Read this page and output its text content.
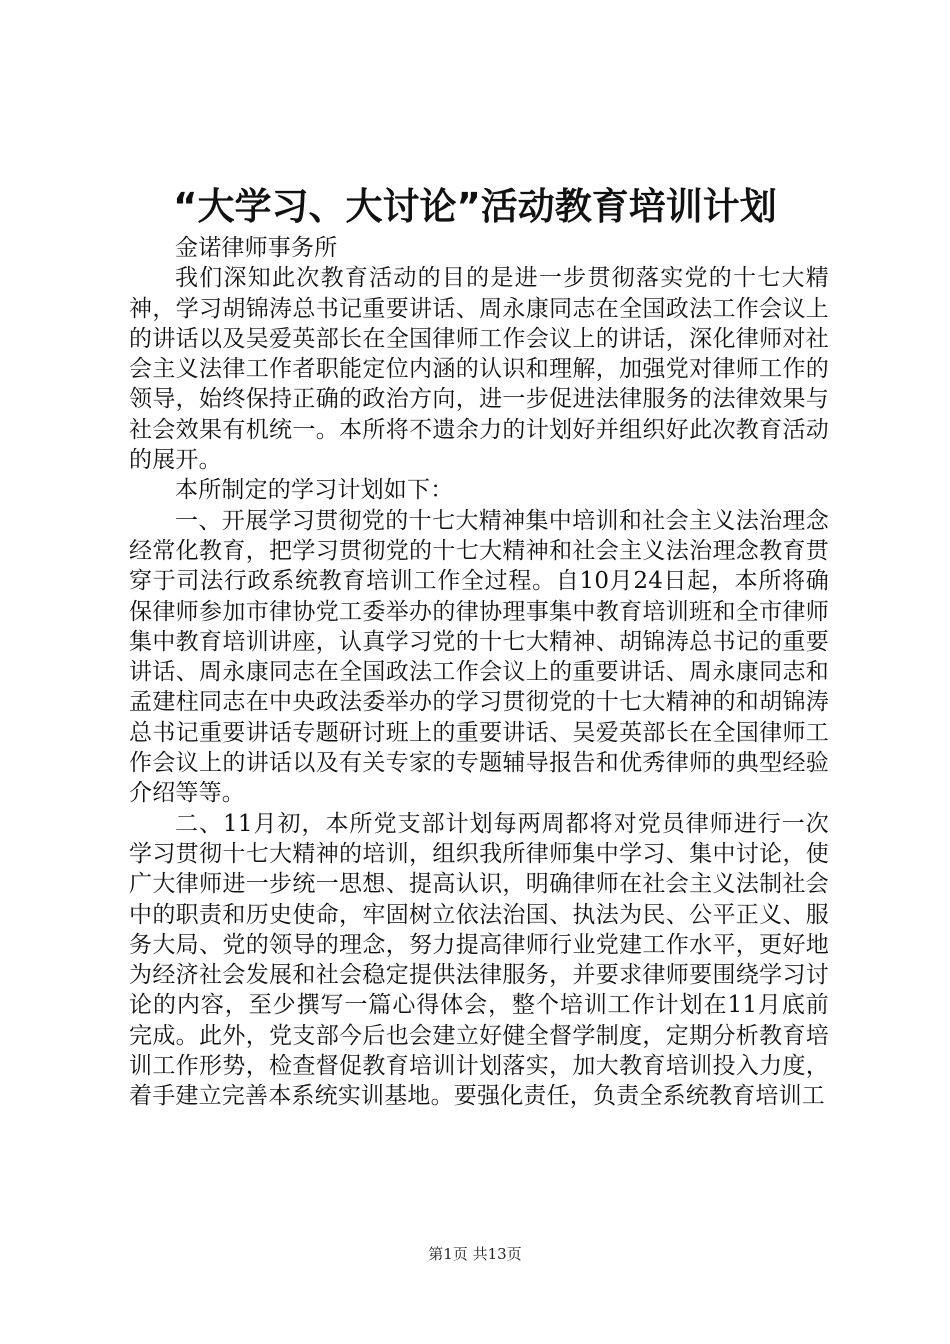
“大学习、大讨论”活动教育培训计划

金诺律师事务所

我们深知此次教育活动的目的是进一步贯彻落实党的十七大精神，学习胡锦涛总书记重要讲话、周永康同志在全国政法工作会议上的讲话以及吴爱英部长在全国律师工作会议上的讲话，深化律师对社会主义法律工作者职能定位内涵的认识和理解，加强党对律师工作的领导，始终保持正确的政治方向，进一步促进法律服务的法律效果与社会效果有机统一。本所将不遗余力的计划好并组织好此次教育活动的展开。

本所制定的学习计划如下：

一、开展学习贯彻党的十七大精神集中培训和社会主义法治理念经常化教育，把学习贯彻党的十七大精神和社会主义法治理念教育贯穿于司法行政系统教育培训工作全过程。自10月24日起，本所将确保律师参加市律协党工委举办的律协理事集中教育培训班和全市律师集中教育培训讲座，认真学习党的十七大精神、胡锦涛总书记的重要讲话、周永康同志在全国政法工作会议上的重要讲话、周永康同志和孟建柱同志在中央政法委举办的学习贯彻党的十七大精神的和胡锦涛总书记重要讲话专题研讨班上的重要讲话、吴爱英部长在全国律师工作会议上的讲话以及有关专家的专题辅导报告和优秀律师的典型经验介绍等等。

二、11月初，本所党支部计划每两周都将对党员律师进行一次学习贯彻十七大精神的培训，组织我所律师集中学习、集中讨论，使广大律师进一步统一思想、提高认识，明确律师在社会主义法制社会中的职责和历史使命，牢固树立依法治国、执法为民、公平正义、服务大局、党的领导的理念，努力提高律师行业党建工作水平，更好地为经济社会发展和社会稳定提供法律服务，并要求律师要围绕学习讨论的内容，至少撰写一篇心得体会，整个培训工作计划在11月底前完成。此外，党支部今后也会建立好健全督学制度，定期分析教育培训工作形势，检查督促教育培训计划落实，加大教育培训投入力度，着手建立完善本系统实训基地。要强化责任，负责全系统教育培训工

第1页 共13页
